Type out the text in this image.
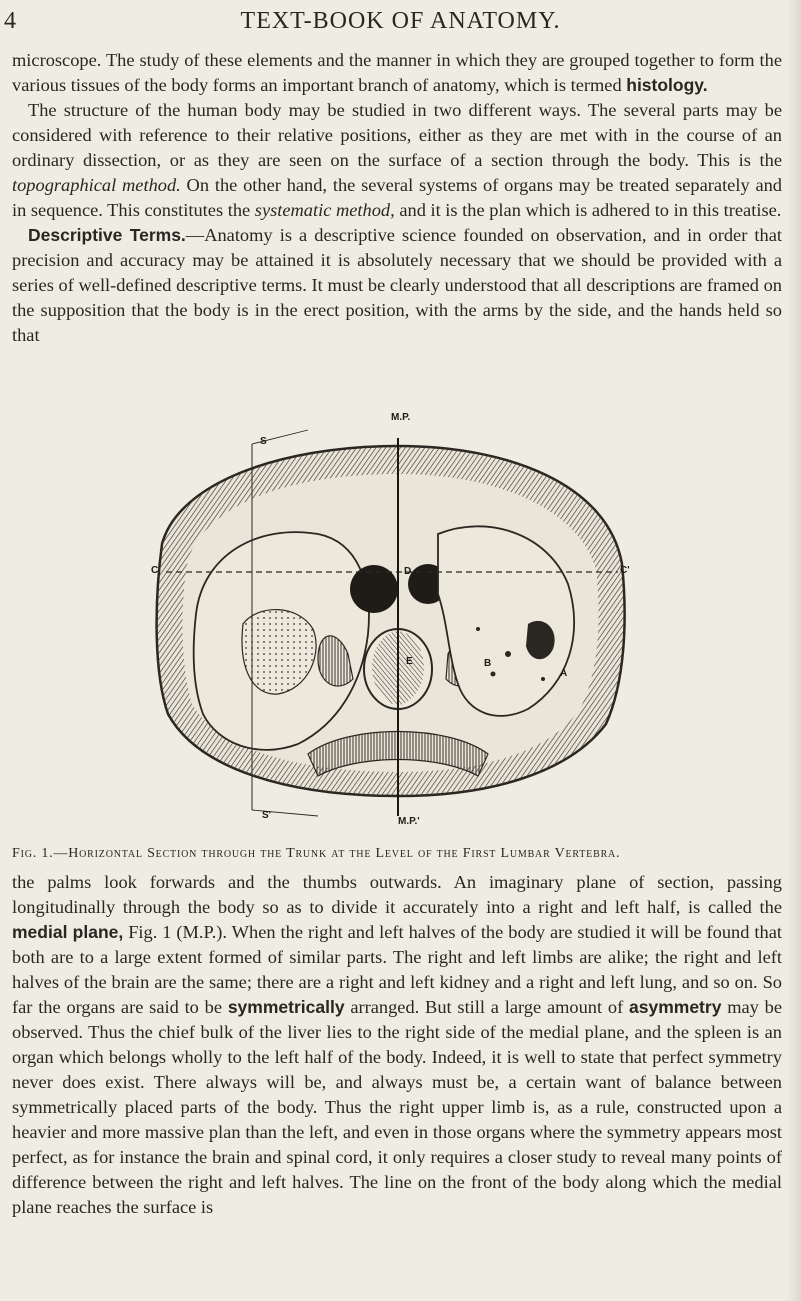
4	TEXT-BOOK OF ANATOMY.

microscope. The study of these elements and the manner in which they are grouped together to form the various tissues of the body forms an important branch of anatomy, which is termed histology.

The structure of the human body may be studied in two different ways. The several parts may be considered with reference to their relative positions, either as they are met with in the course of an ordinary dissection, or as they are seen on the surface of a section through the body. This is the topographical method. On the other hand, the several systems of organs may be treated separately and in sequence. This constitutes the systematic method, and it is the plan which is adhered to in this treatise.

Descriptive Terms.—Anatomy is a descriptive science founded on observation, and in order that precision and accuracy may be attained it is absolutely necessary that we should be provided with a series of well-defined descriptive terms. It must be clearly understood that all descriptions are framed on the supposition that the body is in the erect position, with the arms by the side, and the hands held so that

M.P.
M.P.'
S
S'
C	C'
D
E	B
A
Fig. 1.—Horizontal Section through the Trunk at the Level of the First Lumbar Vertebra.

the palms look forwards and the thumbs outwards. An imaginary plane of section, passing longitudinally through the body so as to divide it accurately into a right and left half, is called the medial plane, Fig. 1 (M.P.). When the right and left halves of the body are studied it will be found that both are to a large extent formed of similar parts. The right and left limbs are alike; the right and left halves of the brain are the same; there are a right and left kidney and a right and left lung, and so on. So far the organs are said to be symmetrically arranged. But still a large amount of asymmetry may be observed. Thus the chief bulk of the liver lies to the right side of the medial plane, and the spleen is an organ which belongs wholly to the left half of the body. Indeed, it is well to state that perfect symmetry never does exist. There always will be, and always must be, a certain want of balance between symmetrically placed parts of the body. Thus the right upper limb is, as a rule, constructed upon a heavier and more massive plan than the left, and even in those organs where the symmetry appears most perfect, as for instance the brain and spinal cord, it only requires a closer study to reveal many points of difference between the right and left halves. The line on the front of the body along which the medial plane reaches the surface is
